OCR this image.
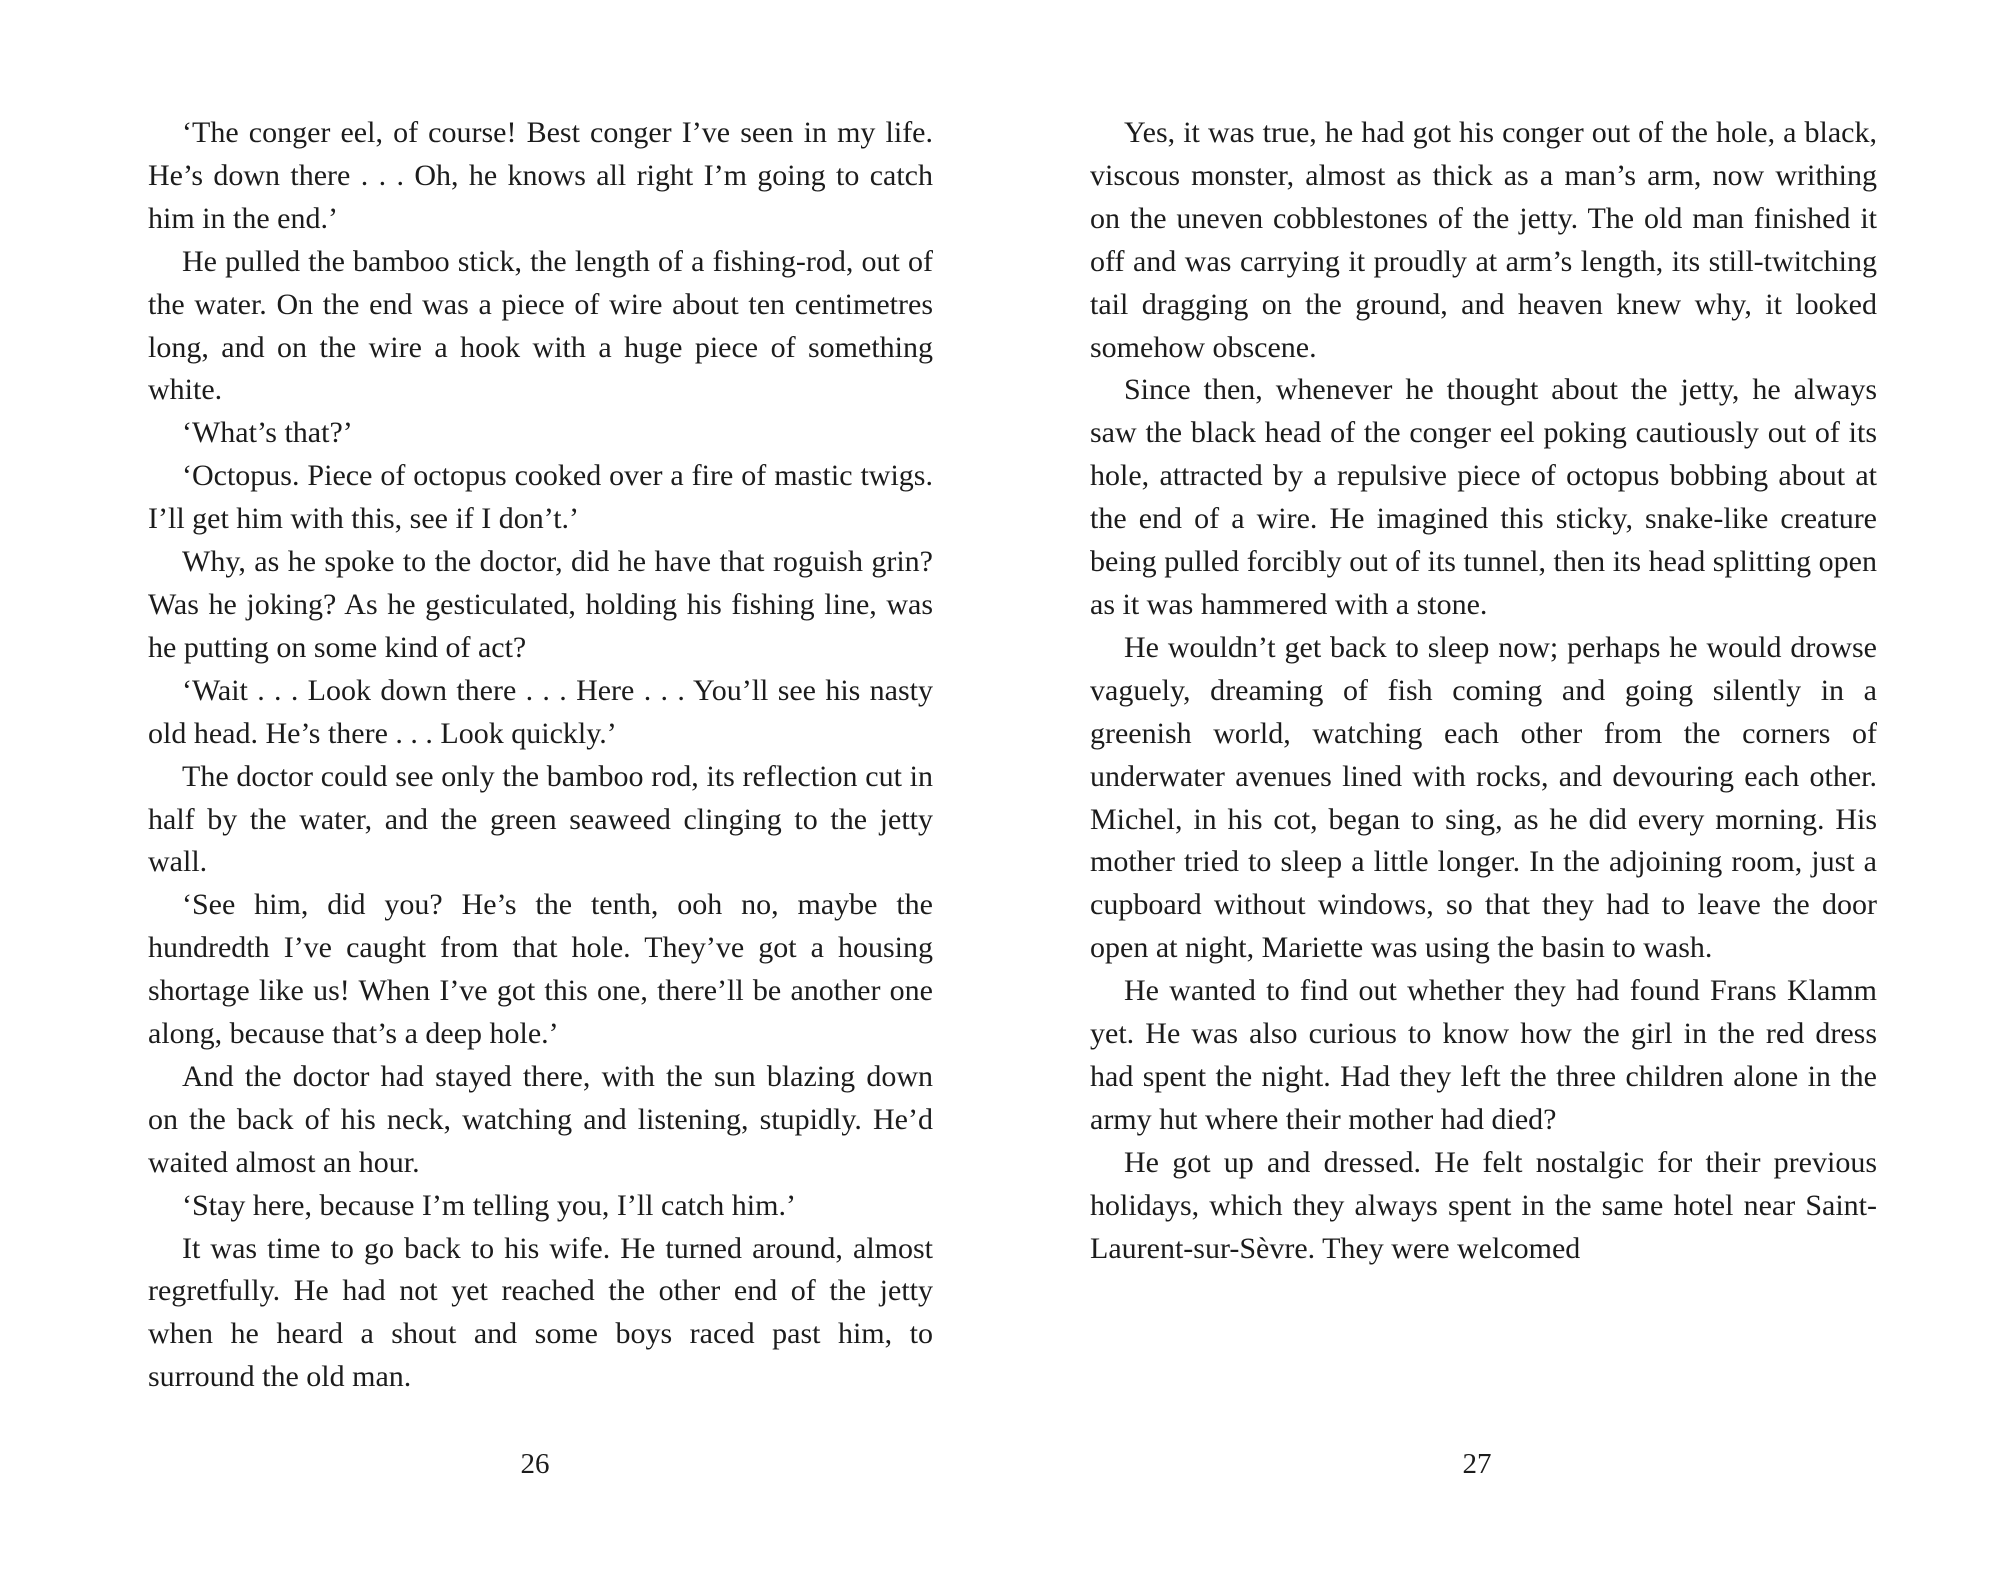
‘The conger eel, of course! Best conger I’ve seen in my life. He’s down there . . . Oh, he knows all right I’m going to catch him in the end.’

He pulled the bamboo stick, the length of a fishing-rod, out of the water. On the end was a piece of wire about ten centimetres long, and on the wire a hook with a huge piece of something white.

‘What’s that?’

‘Octopus. Piece of octopus cooked over a fire of mastic twigs. I’ll get him with this, see if I don’t.’

Why, as he spoke to the doctor, did he have that roguish grin? Was he joking? As he gesticulated, holding his fishing line, was he putting on some kind of act?

‘Wait . . . Look down there . . . Here . . . You’ll see his nasty old head. He’s there . . . Look quickly.’

The doctor could see only the bamboo rod, its reflection cut in half by the water, and the green seaweed clinging to the jetty wall.

‘See him, did you? He’s the tenth, ooh no, maybe the hundredth I’ve caught from that hole. They’ve got a housing shortage like us! When I’ve got this one, there’ll be another one along, because that’s a deep hole.’

And the doctor had stayed there, with the sun blazing down on the back of his neck, watching and listening, stupidly. He’d waited almost an hour.

‘Stay here, because I’m telling you, I’ll catch him.’

It was time to go back to his wife. He turned around, almost regretfully. He had not yet reached the other end of the jetty when he heard a shout and some boys raced past him, to surround the old man.

26

Yes, it was true, he had got his conger out of the hole, a black, viscous monster, almost as thick as a man’s arm, now writhing on the uneven cobblestones of the jetty. The old man finished it off and was carrying it proudly at arm’s length, its still-twitching tail dragging on the ground, and heaven knew why, it looked somehow obscene.

Since then, whenever he thought about the jetty, he always saw the black head of the conger eel poking cautiously out of its hole, attracted by a repulsive piece of octopus bobbing about at the end of a wire. He imagined this sticky, snake-like creature being pulled forcibly out of its tunnel, then its head splitting open as it was hammered with a stone.

He wouldn’t get back to sleep now; perhaps he would drowse vaguely, dreaming of fish coming and going silently in a greenish world, watching each other from the corners of underwater avenues lined with rocks, and devouring each other. Michel, in his cot, began to sing, as he did every morning. His mother tried to sleep a little longer. In the adjoining room, just a cupboard without windows, so that they had to leave the door open at night, Mariette was using the basin to wash.

He wanted to find out whether they had found Frans Klamm yet. He was also curious to know how the girl in the red dress had spent the night. Had they left the three children alone in the army hut where their mother had died?

He got up and dressed. He felt nostalgic for their previous holidays, which they always spent in the same hotel near Saint-Laurent-sur-Sèvre. They were welcomed

27
